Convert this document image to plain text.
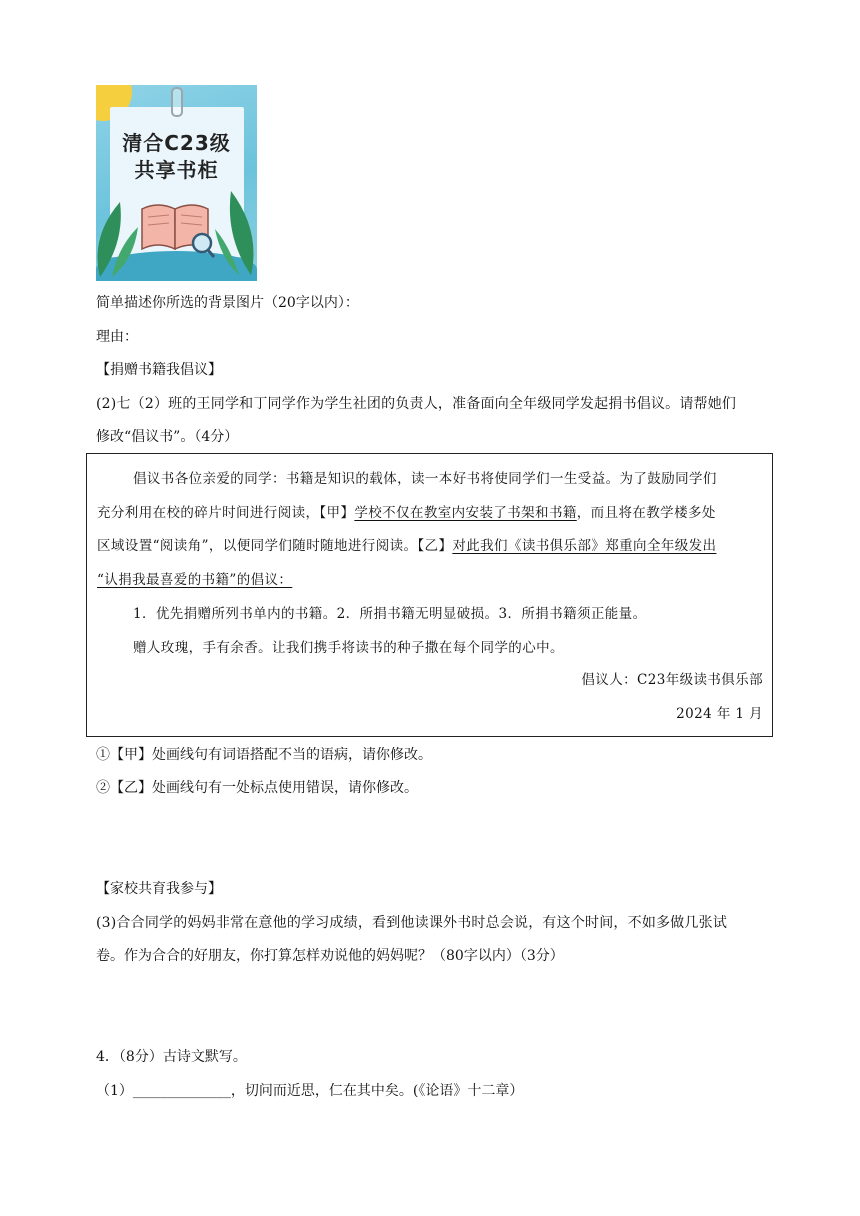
清合C23级
共享书柜
简单描述你所选的背景图片（20字以内）：
理由：
【捐赠书籍我倡议】
(2)七（2）班的王同学和丁同学作为学生社团的负责人，准备面向全年级同学发起捐书倡议。请帮她们
修改“倡议书”。（4分）
倡议书各位亲爱的同学：书籍是知识的载体，读一本好书将使同学们一生受益。为了鼓励同学们
充分利用在校的碎片时间进行阅读，【甲】学校不仅在教室内安装了书架和书籍，而且将在教学楼多处
区域设置“阅读角”，以便同学们随时随地进行阅读。【乙】对此我们《读书俱乐部》郑重向全年级发出
“认捐我最喜爱的书籍”的倡议：
1．优先捐赠所列书单内的书籍。2．所捐书籍无明显破损。3．所捐书籍须正能量。
赠人玫瑰，手有余香。让我们携手将读书的种子撒在每个同学的心中。
倡议人：C23年级读书俱乐部
2024 年 1 月
①【甲】处画线句有词语搭配不当的语病，请你修改。
②【乙】处画线句有一处标点使用错误，请你修改。
【家校共育我参与】
(3)合合同学的妈妈非常在意他的学习成绩，看到他读课外书时总会说，有这个时间，不如多做几张试
卷。作为合合的好朋友，你打算怎样劝说他的妈妈呢？（80字以内）（3分）
4．（8分）古诗文默写。
（1）______________，切问而近思，仁在其中矣。(《论语》十二章）
